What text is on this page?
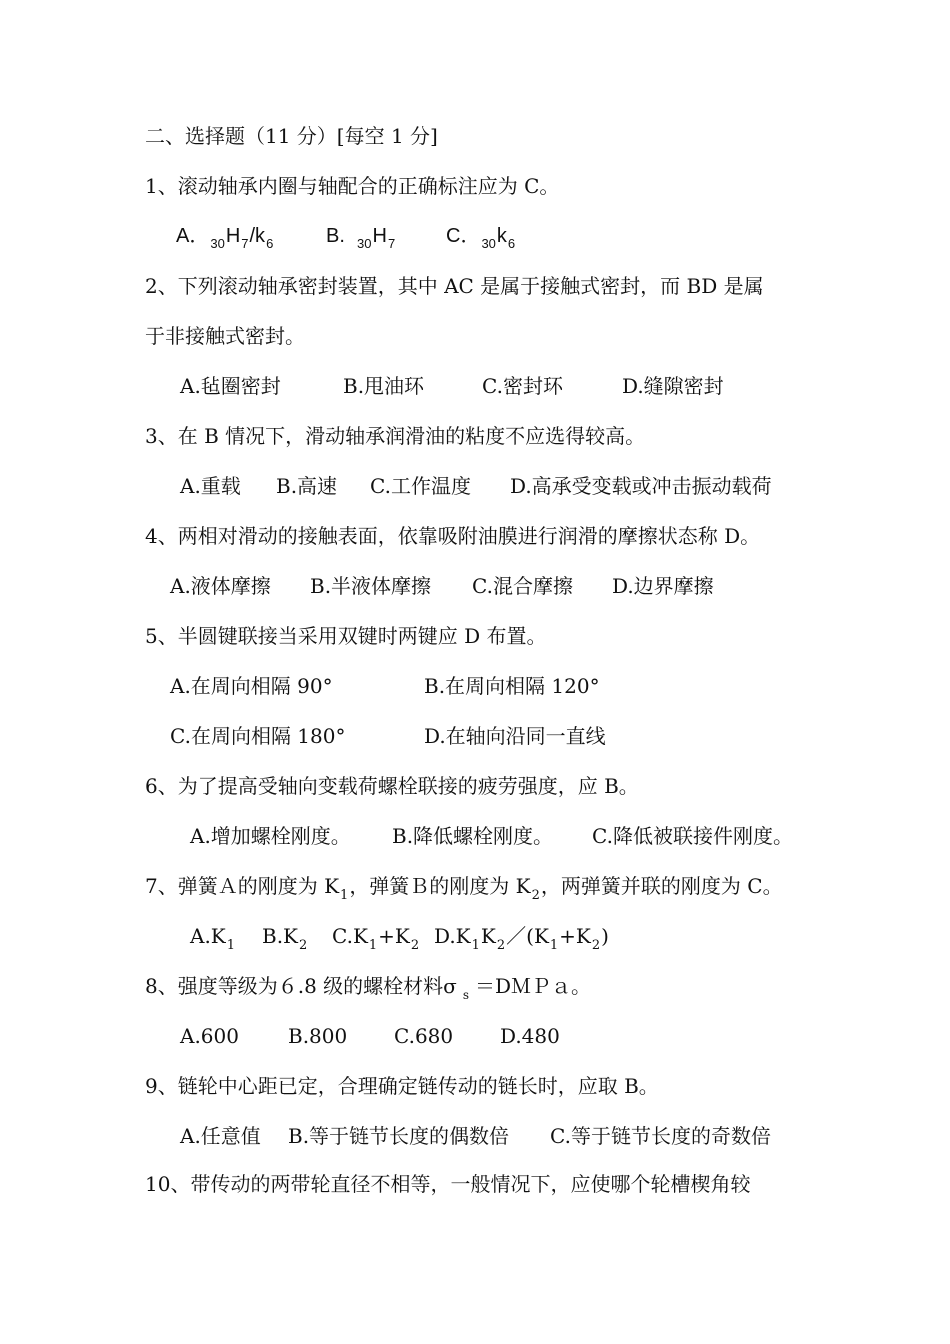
二、选择题（11 分）[每空 1 分]
1、滚动轴承内圈与轴配合的正确标注应为 C。
A．$_{30}H_7/k_6$	B. $_{30}H_7$	C．$_{30}k_6$
2、下列滚动轴承密封装置，其中 AC 是属于接触式密封，而 BD 是属
于非接触式密封。
A.毡圈密封	B.甩油环	C.密封环	D.缝隙密封
3、在 B 情况下，滑动轴承润滑油的粘度不应选得较高。
A.重载 B.高速 C.工作温度 D.高承受变载或冲击振动载荷
4、两相对滑动的接触表面，依靠吸附油膜进行润滑的摩擦状态称 D。
A.液体摩擦 B.半液体摩擦 C.混合摩擦 D.边界摩擦
5、半圆键联接当采用双键时两键应 D 布置。
A.在周向相隔 90°	B.在周向相隔 120°
C.在周向相隔 180°	D.在轴向沿同一直线
6、为了提高受轴向变载荷螺栓联接的疲劳强度，应 B。
A.增加螺栓刚度。 B.降低螺栓刚度。 C.降低被联接件刚度。
7、弹簧Ａ的刚度为 $K_1$，弹簧Ｂ的刚度为 $K_2$，两弹簧并联的刚度为 C。
$A.K_1$ $B.K_2$ $C.K_1+K_2$ $D.K_1K_2/(K_1+K_2)$
8、强度等级为６.8 级的螺栓材料σ $_s$ ＝DＭＰａ。
A.600 B.800 C.680 D.480
9、链轮中心距已定，合理确定链传动的链长时，应取 B。
A.任意值 B.等于链节长度的偶数倍 C.等于链节长度的奇数倍
10、带传动的两带轮直径不相等，一般情况下，应使哪个轮槽楔角较
